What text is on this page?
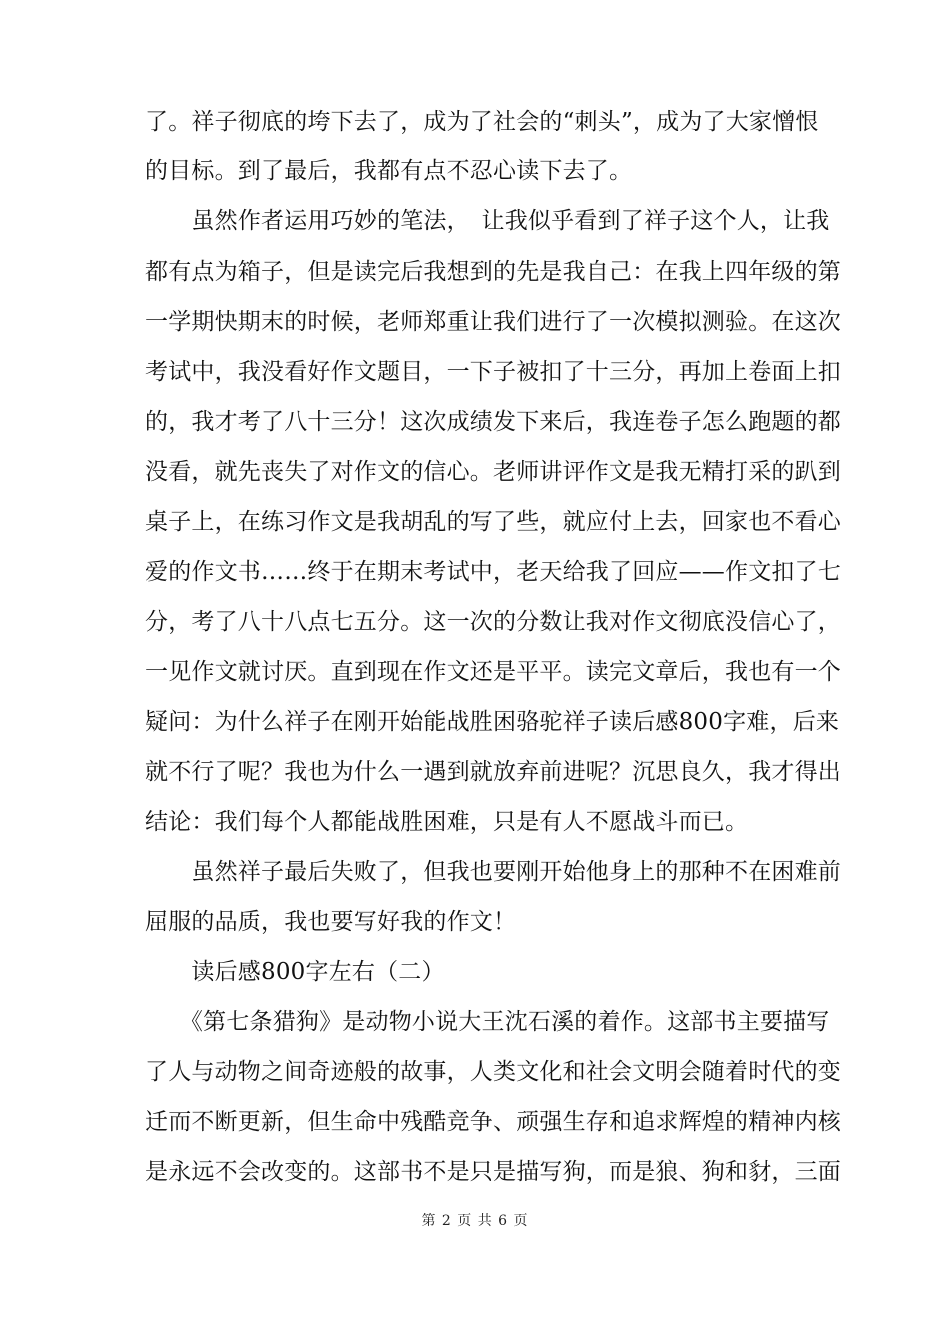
了。祥子彻底的垮下去了，成为了社会的“刺头”，成为了大家憎恨
的目标。到了最后，我都有点不忍心读下去了。
　　虽然作者运用巧妙的笔法，　让我似乎看到了祥子这个人，让我
都有点为箱子，但是读完后我想到的先是我自己：在我上四年级的第
一学期快期末的时候，老师郑重让我们进行了一次模拟测验。在这次
考试中，我没看好作文题目，一下子被扣了十三分，再加上卷面上扣
的，我才考了八十三分！这次成绩发下来后，我连卷子怎么跑题的都
没看，就先丧失了对作文的信心。老师讲评作文是我无精打采的趴到
桌子上，在练习作文是我胡乱的写了些，就应付上去，回家也不看心
爱的作文书……终于在期末考试中，老天给我了回应——作文扣了七
分，考了八十八点七五分。这一次的分数让我对作文彻底没信心了，
一见作文就讨厌。直到现在作文还是平平。读完文章后，我也有一个
疑问：为什么祥子在刚开始能战胜困骆驼祥子读后感800字难，后来
就不行了呢？我也为什么一遇到就放弃前进呢？沉思良久，我才得出
结论：我们每个人都能战胜困难，只是有人不愿战斗而已。
　　虽然祥子最后失败了，但我也要刚开始他身上的那种不在困难前
屈服的品质，我也要写好我的作文！
　　读后感800字左右（二）
　　《第七条猎狗》是动物小说大王沈石溪的着作。这部书主要描写
了人与动物之间奇迹般的故事，人类文化和社会文明会随着时代的变
迁而不断更新，但生命中残酷竞争、顽强生存和追求辉煌的精神内核
是永远不会改变的。这部书不是只是描写狗，而是狼、狗和豺，三面
第 2 页 共 6 页
